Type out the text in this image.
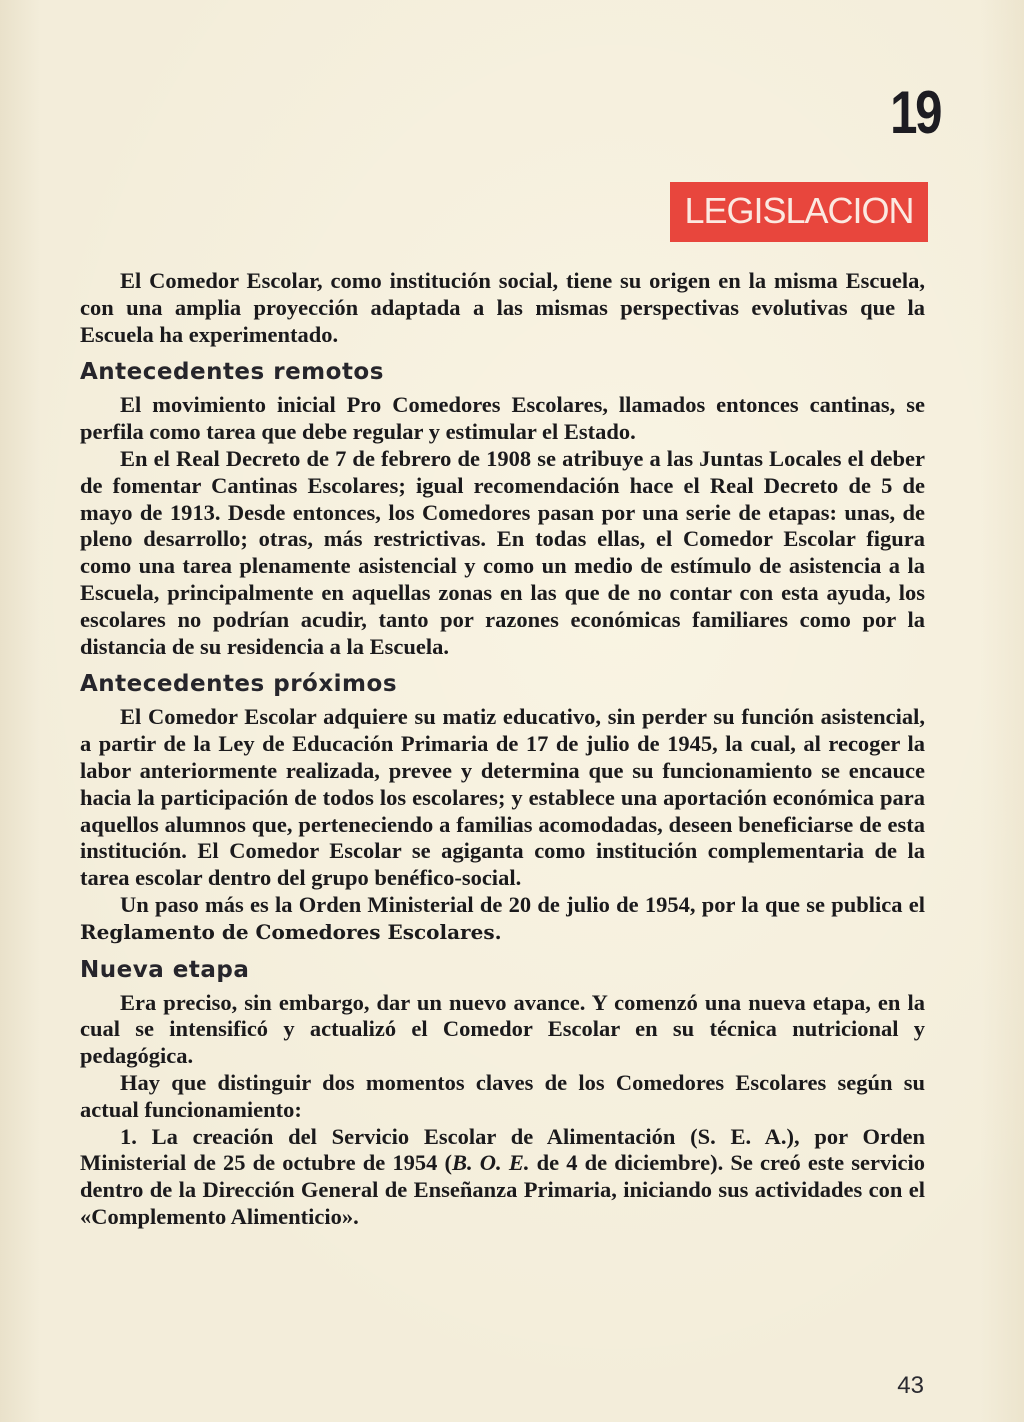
19
LEGISLACION

El Comedor Escolar, como institución social, tiene su origen en la misma Escuela, con una amplia proyección adaptada a las mismas perspectivas evolutivas que la Escuela ha experimentado.

Antecedentes remotos

El movimiento inicial Pro Comedores Escolares, llamados entonces cantinas, se perfila como tarea que debe regular y estimular el Estado.

En el Real Decreto de 7 de febrero de 1908 se atribuye a las Juntas Locales el deber de fomentar Cantinas Escolares; igual recomendación hace el Real Decreto de 5 de mayo de 1913. Desde entonces, los Comedores pasan por una serie de etapas: unas, de pleno desarrollo; otras, más restrictivas. En todas ellas, el Comedor Escolar figura como una tarea plenamente asistencial y como un medio de estímulo de asistencia a la Escuela, principalmente en aquellas zonas en las que de no contar con esta ayuda, los escolares no podrían acudir, tanto por razones económicas familiares como por la distancia de su residencia a la Escuela.

Antecedentes próximos

El Comedor Escolar adquiere su matiz educativo, sin perder su función asistencial, a partir de la Ley de Educación Primaria de 17 de julio de 1945, la cual, al recoger la labor anteriormente realizada, prevee y determina que su funcionamiento se encauce hacia la participación de todos los escolares; y establece una aportación económica para aquellos alumnos que, perteneciendo a familias acomodadas, deseen beneficiarse de esta institución. El Comedor Escolar se agiganta como institución complementaria de la tarea escolar dentro del grupo benéfico-social.

Un paso más es la Orden Ministerial de 20 de julio de 1954, por la que se publica el Reglamento de Comedores Escolares.

Nueva etapa

Era preciso, sin embargo, dar un nuevo avance. Y comenzó una nueva etapa, en la cual se intensificó y actualizó el Comedor Escolar en su técnica nutricional y pedagógica.

Hay que distinguir dos momentos claves de los Comedores Escolares según su actual funcionamiento:

1. La creación del Servicio Escolar de Alimentación (S. E. A.), por Orden Ministerial de 25 de octubre de 1954 (B. O. E. de 4 de diciembre). Se creó este servicio dentro de la Dirección General de Enseñanza Primaria, iniciando sus actividades con el «Complemento Alimenticio».

43
